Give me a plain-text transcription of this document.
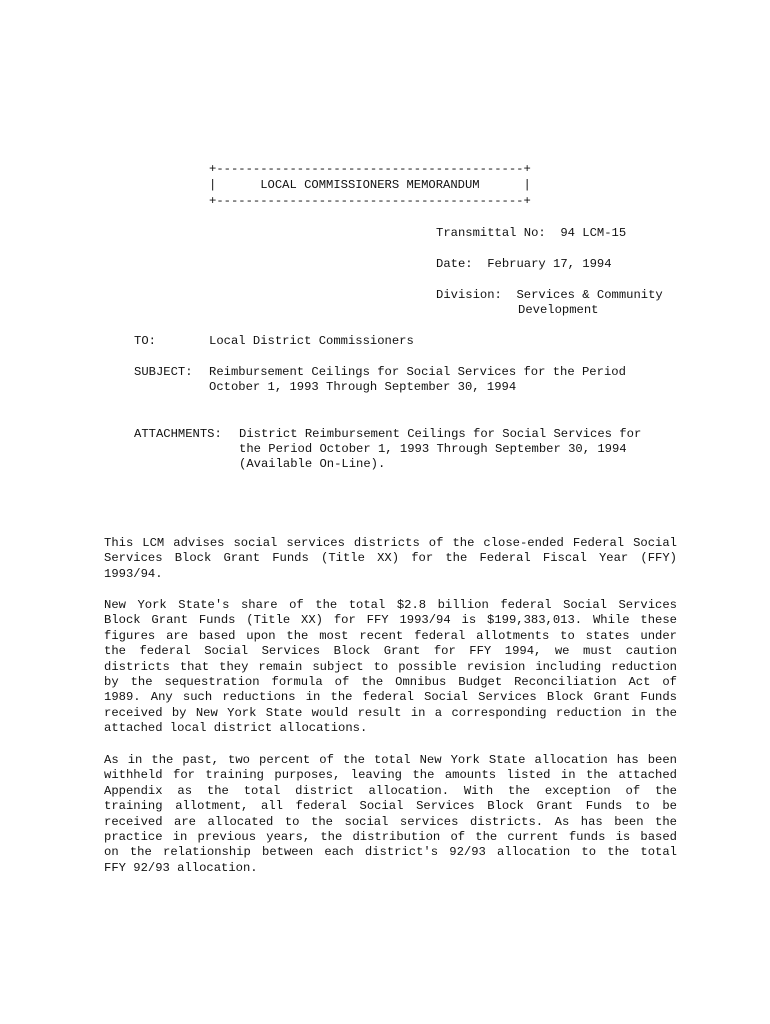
+------------------------------------------+
|      LOCAL COMMISSIONERS MEMORANDUM      |
+------------------------------------------+
Transmittal No:  94 LCM-15
Date:  February 17, 1994
Division:  Services & Community
Development
TO:	Local District Commissioners
SUBJECT: Reimbursement Ceilings for Social Services for the Period
October 1, 1993 Through September 30, 1994
ATTACHMENTS: District Reimbursement Ceilings for Social Services for
the Period October 1, 1993 Through September 30, 1994
(Available On-Line).
This LCM advises social services districts of the close-ended Federal Social
Services Block Grant Funds (Title XX) for the Federal Fiscal Year (FFY)
1993/94.
New York State's share of the total $2.8 billion federal Social Services
Block Grant Funds (Title XX) for FFY 1993/94 is $199,383,013. While these
figures are based upon the most recent federal allotments to states under
the federal Social Services Block Grant for FFY 1994, we must caution
districts that they remain subject to possible revision including reduction
by the sequestration formula of the Omnibus Budget Reconciliation Act of
1989. Any such reductions in the federal Social Services Block Grant Funds
received by New York State would result in a corresponding reduction in the
attached local district allocations.
As in the past, two percent of the total New York State allocation has been
withheld for training purposes, leaving the amounts listed in the attached
Appendix as the total district allocation. With the exception of the
training allotment, all federal Social Services Block Grant Funds to be
received are allocated to the social services districts. As has been the
practice in previous years, the distribution of the current funds is based
on the relationship between each district's 92/93 allocation to the total
FFY 92/93 allocation.
